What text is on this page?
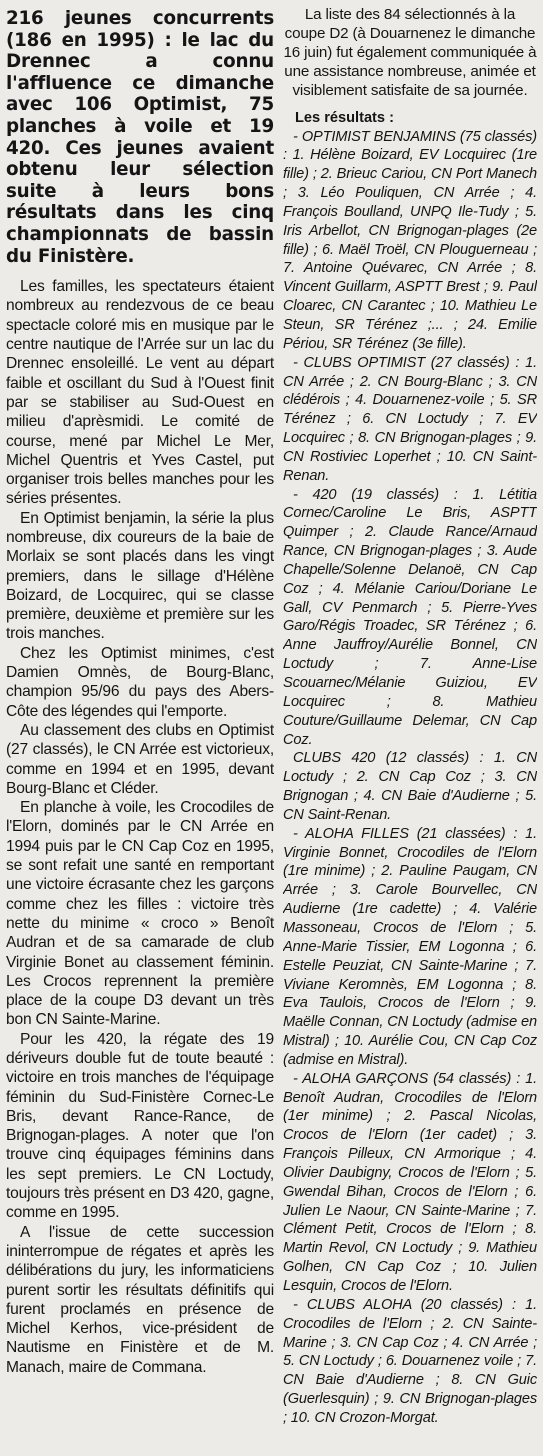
216 jeunes concurrents (186 en 1995) : le lac du Drennec a connu l'affluence ce dimanche avec 106 Optimist, 75 planches à voile et 19 420. Ces jeunes avaient obtenu leur sélection suite à leurs bons résultats dans les cinq championnats de bassin du Finistère.

Les familles, les spectateurs étaient nombreux au rendezvous de ce beau spectacle coloré mis en musique par le centre nautique de l'Arrée sur un lac du Drennec ensoleillé. Le vent au départ faible et oscillant du Sud à l'Ouest finit par se stabiliser au Sud-Ouest en milieu d'aprèsmidi. Le comité de course, mené par Michel Le Mer, Michel Quentris et Yves Castel, put organiser trois belles manches pour les séries présentes.

En Optimist benjamin, la série la plus nombreuse, dix coureurs de la baie de Morlaix se sont placés dans les vingt premiers, dans le sillage d'Hélène Boizard, de Locquirec, qui se classe première, deuxième et première sur les trois manches.

Chez les Optimist minimes, c'est Damien Omnès, de Bourg-Blanc, champion 95/96 du pays des Abers-Côte des légendes qui l'emporte.

Au classement des clubs en Optimist (27 classés), le CN Arrée est victorieux, comme en 1994 et en 1995, devant Bourg-Blanc et Cléder.

En planche à voile, les Crocodiles de l'Elorn, dominés par le CN Arrée en 1994 puis par le CN Cap Coz en 1995, se sont refait une santé en remportant une victoire écrasante chez les garçons comme chez les filles : victoire très nette du minime « croco » Benoît Audran et de sa camarade de club Virginie Bonet au classement féminin. Les Crocos reprennent la première place de la coupe D3 devant un très bon CN Sainte-Marine.

Pour les 420, la régate des 19 dériveurs double fut de toute beauté : victoire en trois manches de l'équipage féminin du Sud-Finistère Cornec-Le Bris, devant Rance-Rance, de Brignogan-plages. A noter que l'on trouve cinq équipages féminins dans les sept premiers. Le CN Loctudy, toujours très présent en D3 420, gagne, comme en 1995.

A l'issue de cette succession ininterrompue de régates et après les délibérations du jury, les informaticiens purent sortir les résultats définitifs qui furent proclamés en présence de Michel Kerhos, vice-président de Nautisme en Finistère et de M. Manach, maire de Commana.

La liste des 84 sélectionnés à la coupe D2 (à Douarnenez le dimanche 16 juin) fut également communiquée à une assistance nombreuse, animée et visiblement satisfaite de sa journée.

Les résultats :

- OPTIMIST BENJAMINS (75 classés) : 1. Hélène Boizard, EV Locquirec (1re fille) ; 2. Brieuc Cariou, CN Port Manech ; 3. Léo Pouliquen, CN Arrée ; 4. François Boulland, UNPQ Ile-Tudy ; 5. Iris Arbellot, CN Brignogan-plages (2e fille) ; 6. Maël Troël, CN Plouguerneau ; 7. Antoine Quévarec, CN Arrée ; 8. Vincent Guillarm, ASPTT Brest ; 9. Paul Cloarec, CN Carantec ; 10. Mathieu Le Steun, SR Térénez ;... ; 24. Emilie Périou, SR Térénez (3e fille).

- CLUBS OPTIMIST (27 classés) : 1. CN Arrée ; 2. CN Bourg-Blanc ; 3. CN clédérois ; 4. Douarnenez-voile ; 5. SR Térénez ; 6. CN Loctudy ; 7. EV Locquirec ; 8. CN Brignogan-plages ; 9. CN Rostiviec Loperhet ; 10. CN Saint-Renan.

- 420 (19 classés) : 1. Létitia Cornec/Caroline Le Bris, ASPTT Quimper ; 2. Claude Rance/Arnaud Rance, CN Brignogan-plages ; 3. Aude Chapelle/Solenne Delanoë, CN Cap Coz ; 4. Mélanie Cariou/Doriane Le Gall, CV Penmarch ; 5. Pierre-Yves Garo/Régis Troadec, SR Térénez ; 6. Anne Jauffroy/Aurélie Bonnel, CN Loctudy ; 7. Anne-Lise Scouarnec/Mélanie Guiziou, EV Locquirec ; 8. Mathieu Couture/Guillaume Delemar, CN Cap Coz.

CLUBS 420 (12 classés) : 1. CN Loctudy ; 2. CN Cap Coz ; 3. CN Brignogan ; 4. CN Baie d'Audierne ; 5. CN Saint-Renan.

- ALOHA FILLES (21 classées) : 1. Virginie Bonnet, Crocodiles de l'Elorn (1re minime) ; 2. Pauline Paugam, CN Arrée ; 3. Carole Bourvellec, CN Audierne (1re cadette) ; 4. Valérie Massoneau, Crocos de l'Elorn ; 5. Anne-Marie Tissier, EM Logonna ; 6. Estelle Peuziat, CN Sainte-Marine ; 7. Viviane Keromnès, EM Logonna ; 8. Eva Taulois, Crocos de l'Elorn ; 9. Maëlle Connan, CN Loctudy (admise en Mistral) ; 10. Aurélie Cou, CN Cap Coz (admise en Mistral).

- ALOHA GARÇONS (54 classés) : 1. Benoît Audran, Crocodiles de l'Elorn (1er minime) ; 2. Pascal Nicolas, Crocos de l'Elorn (1er cadet) ; 3. François Pilleux, CN Armorique ; 4. Olivier Daubigny, Crocos de l'Elorn ; 5. Gwendal Bihan, Crocos de l'Elorn ; 6. Julien Le Naour, CN Sainte-Marine ; 7. Clément Petit, Crocos de l'Elorn ; 8. Martin Revol, CN Loctudy ; 9. Mathieu Golhen, CN Cap Coz ; 10. Julien Lesquin, Crocos de l'Elorn.

- CLUBS ALOHA (20 classés) : 1. Crocodiles de l'Elorn ; 2. CN Sainte-Marine ; 3. CN Cap Coz ; 4. CN Arrée ; 5. CN Loctudy ; 6. Douarnenez voile ; 7. CN Baie d'Audierne ; 8. CN Guic (Guerlesquin) ; 9. CN Brignogan-plages ; 10. CN Crozon-Morgat.
